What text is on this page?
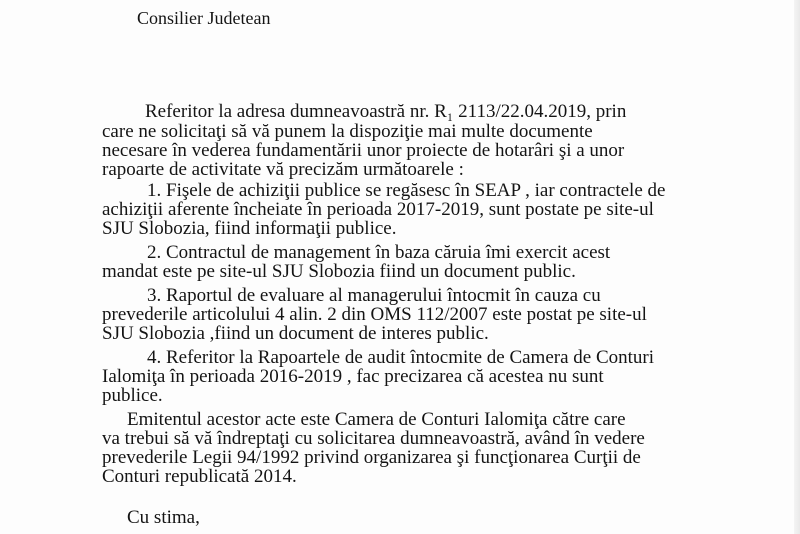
Consilier Judetean
Referitor la adresa dumneavoastră nr. R₁ 2113/22.04.2019, prin
care ne solicitaţi să vă punem la dispoziţie mai multe documente
necesare în vederea fundamentării unor proiecte de hotarâri şi a unor
rapoarte de activitate vă precizăm următoarele :
1. Fişele de achiziţii publice se regăsesc în SEAP , iar contractele de
achiziţii aferente încheiate în perioada 2017-2019, sunt postate pe site-ul
SJU Slobozia, fiind informaţii publice.
2. Contractul de management în baza căruia îmi exercit acest
mandat este pe site-ul SJU Slobozia fiind un document public.
3. Raportul de evaluare al managerului întocmit în cauza cu
prevederile articolului 4 alin. 2 din OMS 112/2007 este postat pe site-ul
SJU Slobozia ,fiind un document de interes public.
4. Referitor la Rapoartele de audit întocmite de Camera de Conturi
Ialomiţa în perioada 2016-2019 , fac precizarea că acestea nu sunt
publice.
Emitentul acestor acte este Camera de Conturi Ialomiţa către care
va trebui să vă îndreptaţi cu solicitarea dumneavoastră, având în vedere
prevederile Legii 94/1992 privind organizarea şi funcţionarea Curţii de
Conturi republicată 2014.
Cu stima,
